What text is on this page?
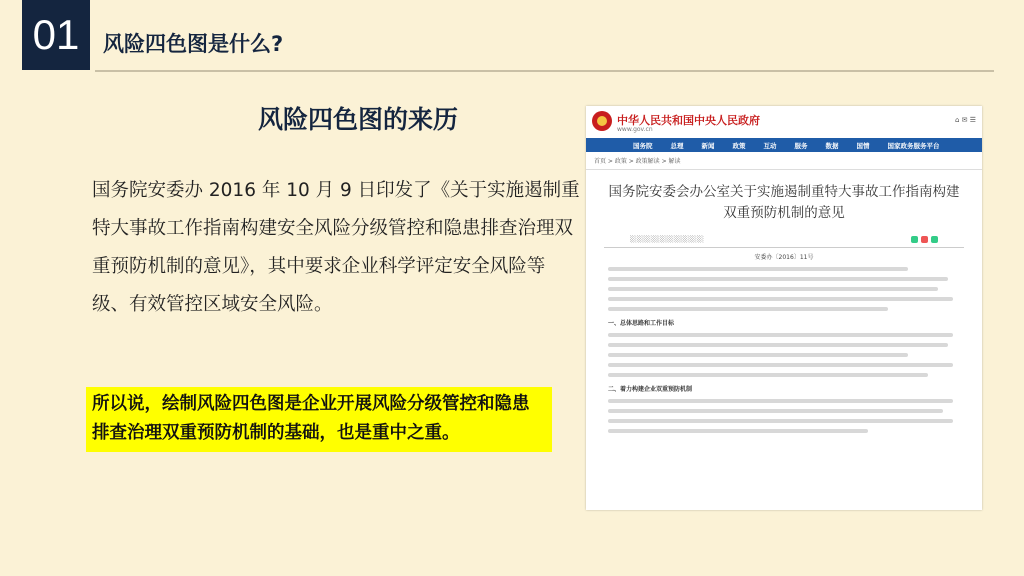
01	风险四色图是什么?
风险四色图的来历
国务院安委办 2016 年 10 月 9 日印发了《关于实施遏制重特大事故工作指南构建安全风险分级管控和隐患排查治理双重预防机制的意见》，其中要求企业科学评定安全风险等级、有效管控区域安全风险。
所以说，绘制风险四色图是企业开展风险分级管控和隐患排查治理双重预防机制的基础，也是重中之重。
中华人民共和国中央人民政府
www.gov.cn
⌂ ✉ ☰
国务院	总理	新闻	政策	互动	服务	数据	国情	国家政务服务平台
首页 > 政策 > 政策解读 > 解读
国务院安委会办公室关于实施遏制重特大事故工作指南构建双重预防机制的意见
░░░░░░░░░░░░░░░░
安委办〔2016〕11号
一、总体思路和工作目标
二、着力构建企业双重预防机制
